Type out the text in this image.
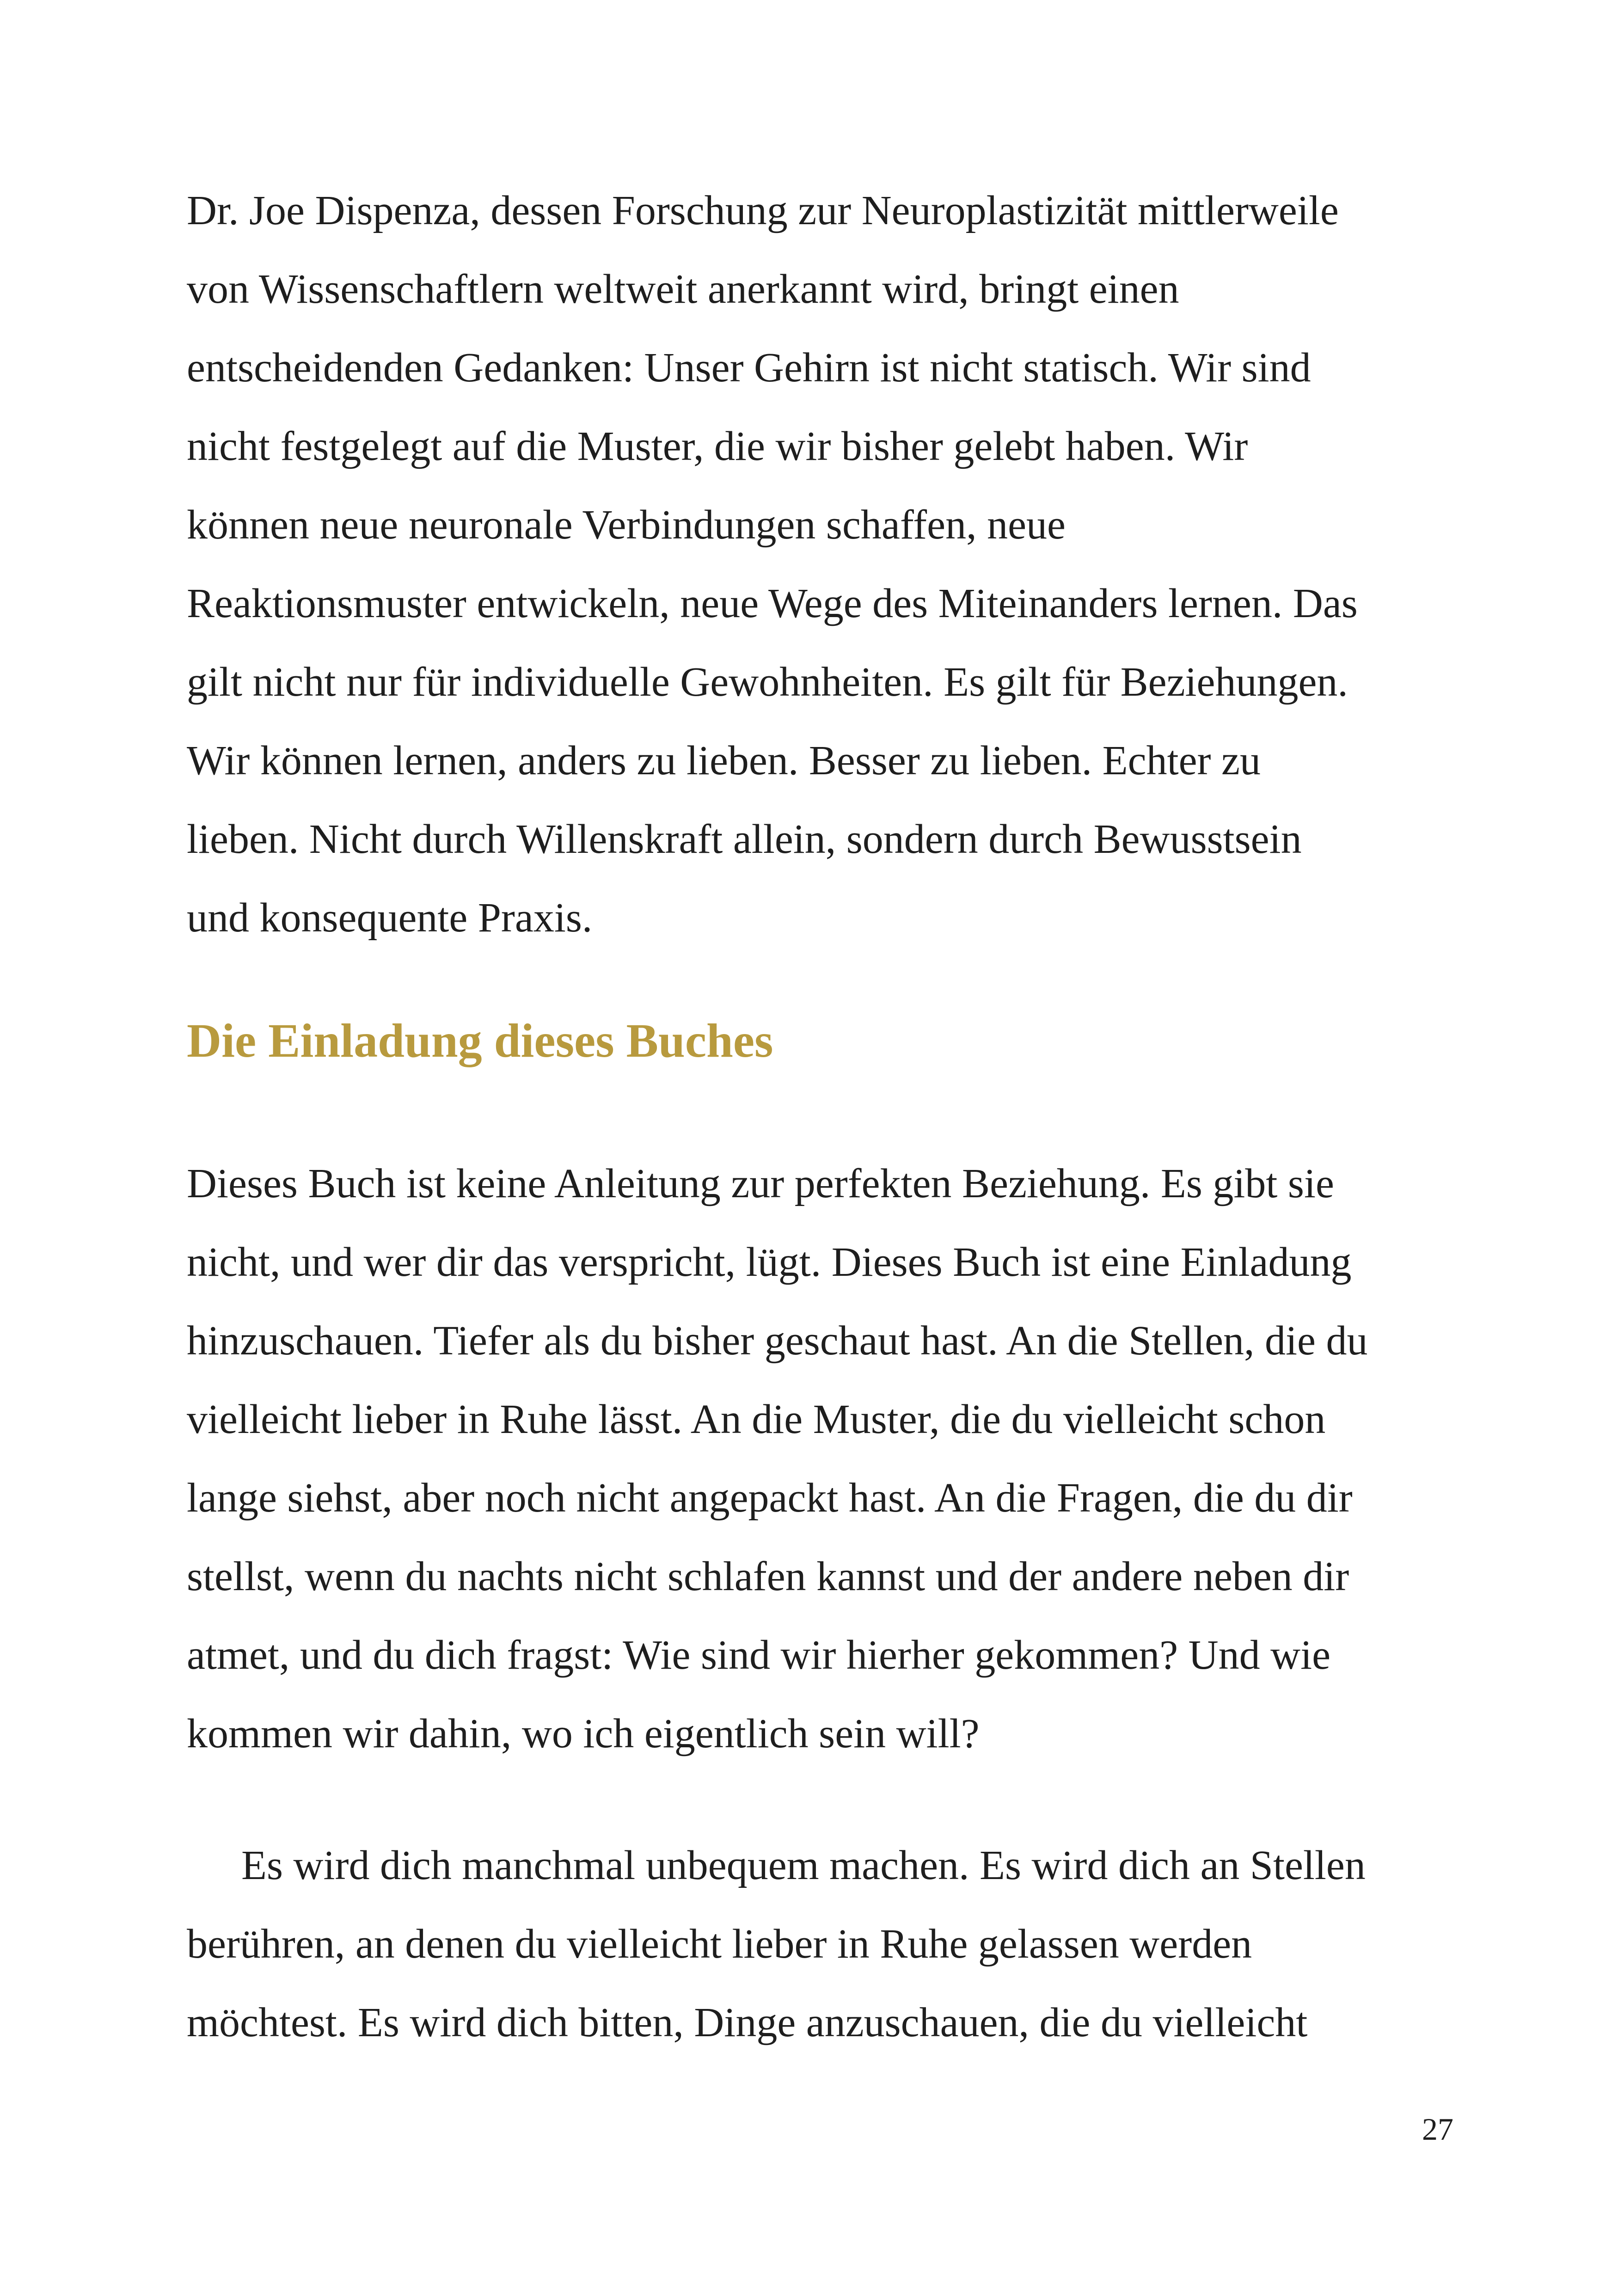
Dr. Joe Dispenza, dessen Forschung zur Neuroplastizität mittlerweile
von Wissenschaftlern weltweit anerkannt wird, bringt einen
entscheidenden Gedanken: Unser Gehirn ist nicht statisch. Wir sind
nicht festgelegt auf die Muster, die wir bisher gelebt haben. Wir
können neue neuronale Verbindungen schaffen, neue
Reaktionsmuster entwickeln, neue Wege des Miteinanders lernen. Das
gilt nicht nur für individuelle Gewohnheiten. Es gilt für Beziehungen.
Wir können lernen, anders zu lieben. Besser zu lieben. Echter zu
lieben. Nicht durch Willenskraft allein, sondern durch Bewusstsein
und konsequente Praxis.
Die Einladung dieses Buches
Dieses Buch ist keine Anleitung zur perfekten Beziehung. Es gibt sie
nicht, und wer dir das verspricht, lügt. Dieses Buch ist eine Einladung
hinzuschauen. Tiefer als du bisher geschaut hast. An die Stellen, die du
vielleicht lieber in Ruhe lässt. An die Muster, die du vielleicht schon
lange siehst, aber noch nicht angepackt hast. An die Fragen, die du dir
stellst, wenn du nachts nicht schlafen kannst und der andere neben dir
atmet, und du dich fragst: Wie sind wir hierher gekommen? Und wie
kommen wir dahin, wo ich eigentlich sein will?
Es wird dich manchmal unbequem machen. Es wird dich an Stellen
berühren, an denen du vielleicht lieber in Ruhe gelassen werden
möchtest. Es wird dich bitten, Dinge anzuschauen, die du vielleicht
27
